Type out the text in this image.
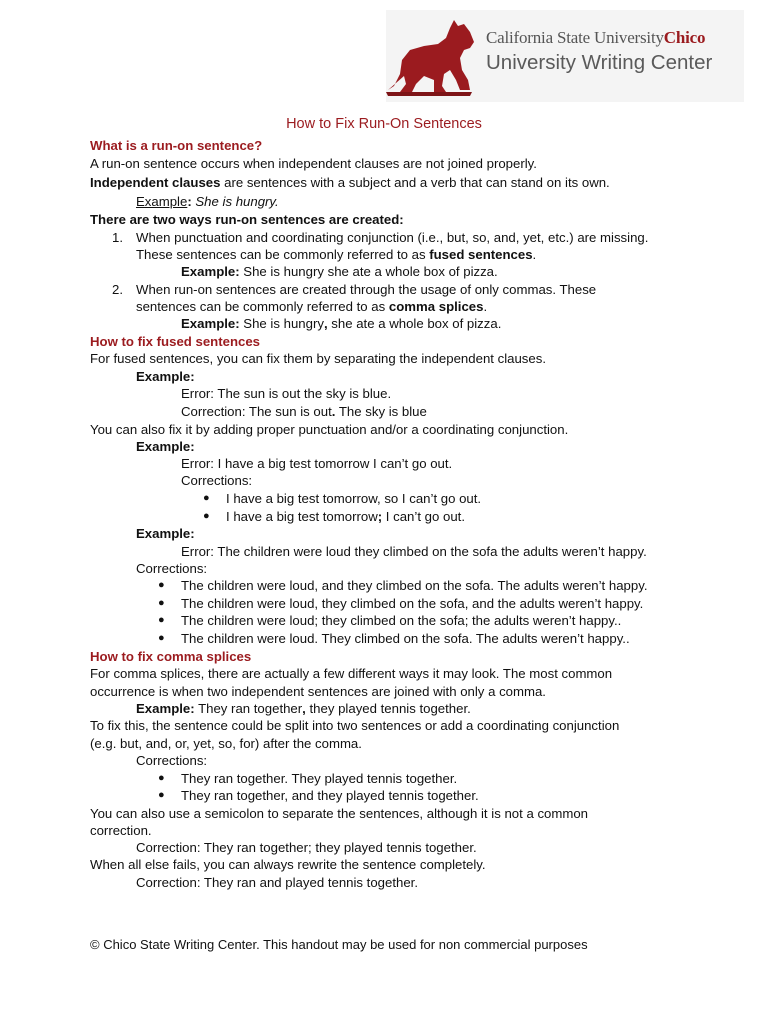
California State UniversityChico
University Writing Center
How to Fix Run-On Sentences
What is a run-on sentence?
A run-on sentence occurs when independent clauses are not joined properly.
Independent clauses are sentences with a subject and a verb that can stand on its own.
Example: She is hungry.
There are two ways run-on sentences are created:
1. When punctuation and coordinating conjunction (i.e., but, so, and, yet, etc.) are missing.
These sentences can be commonly referred to as fused sentences.
Example: She is hungry she ate a whole box of pizza.
2. When run-on sentences are created through the usage of only commas. These
sentences can be commonly referred to as comma splices.
Example: She is hungry, she ate a whole box of pizza.
How to fix fused sentences
For fused sentences, you can fix them by separating the independent clauses.
Example:
Error: The sun is out the sky is blue.
Correction: The sun is out. The sky is blue
You can also fix it by adding proper punctuation and/or a coordinating conjunction.
Example:
Error: I have a big test tomorrow I can’t go out.
Corrections:
● I have a big test tomorrow, so I can’t go out.
● I have a big test tomorrow; I can’t go out.
Example:
Error: The children were loud they climbed on the sofa the adults weren’t happy.
Corrections:
● The children were loud, and they climbed on the sofa. The adults weren’t happy.
● The children were loud, they climbed on the sofa, and the adults weren’t happy.
● The children were loud; they climbed on the sofa; the adults weren’t happy..
● The children were loud. They climbed on the sofa. The adults weren’t happy..
How to fix comma splices
For comma splices, there are actually a few different ways it may look. The most common
occurrence is when two independent sentences are joined with only a comma.
Example: They ran together, they played tennis together.
To fix this, the sentence could be split into two sentences or add a coordinating conjunction
(e.g. but, and, or, yet, so, for) after the comma.
Corrections:
● They ran together. They played tennis together.
● They ran together, and they played tennis together.
You can also use a semicolon to separate the sentences, although it is not a common
correction.
Correction: They ran together; they played tennis together.
When all else fails, you can always rewrite the sentence completely.
Correction: They ran and played tennis together.
© Chico State Writing Center. This handout may be used for non commercial purposes
